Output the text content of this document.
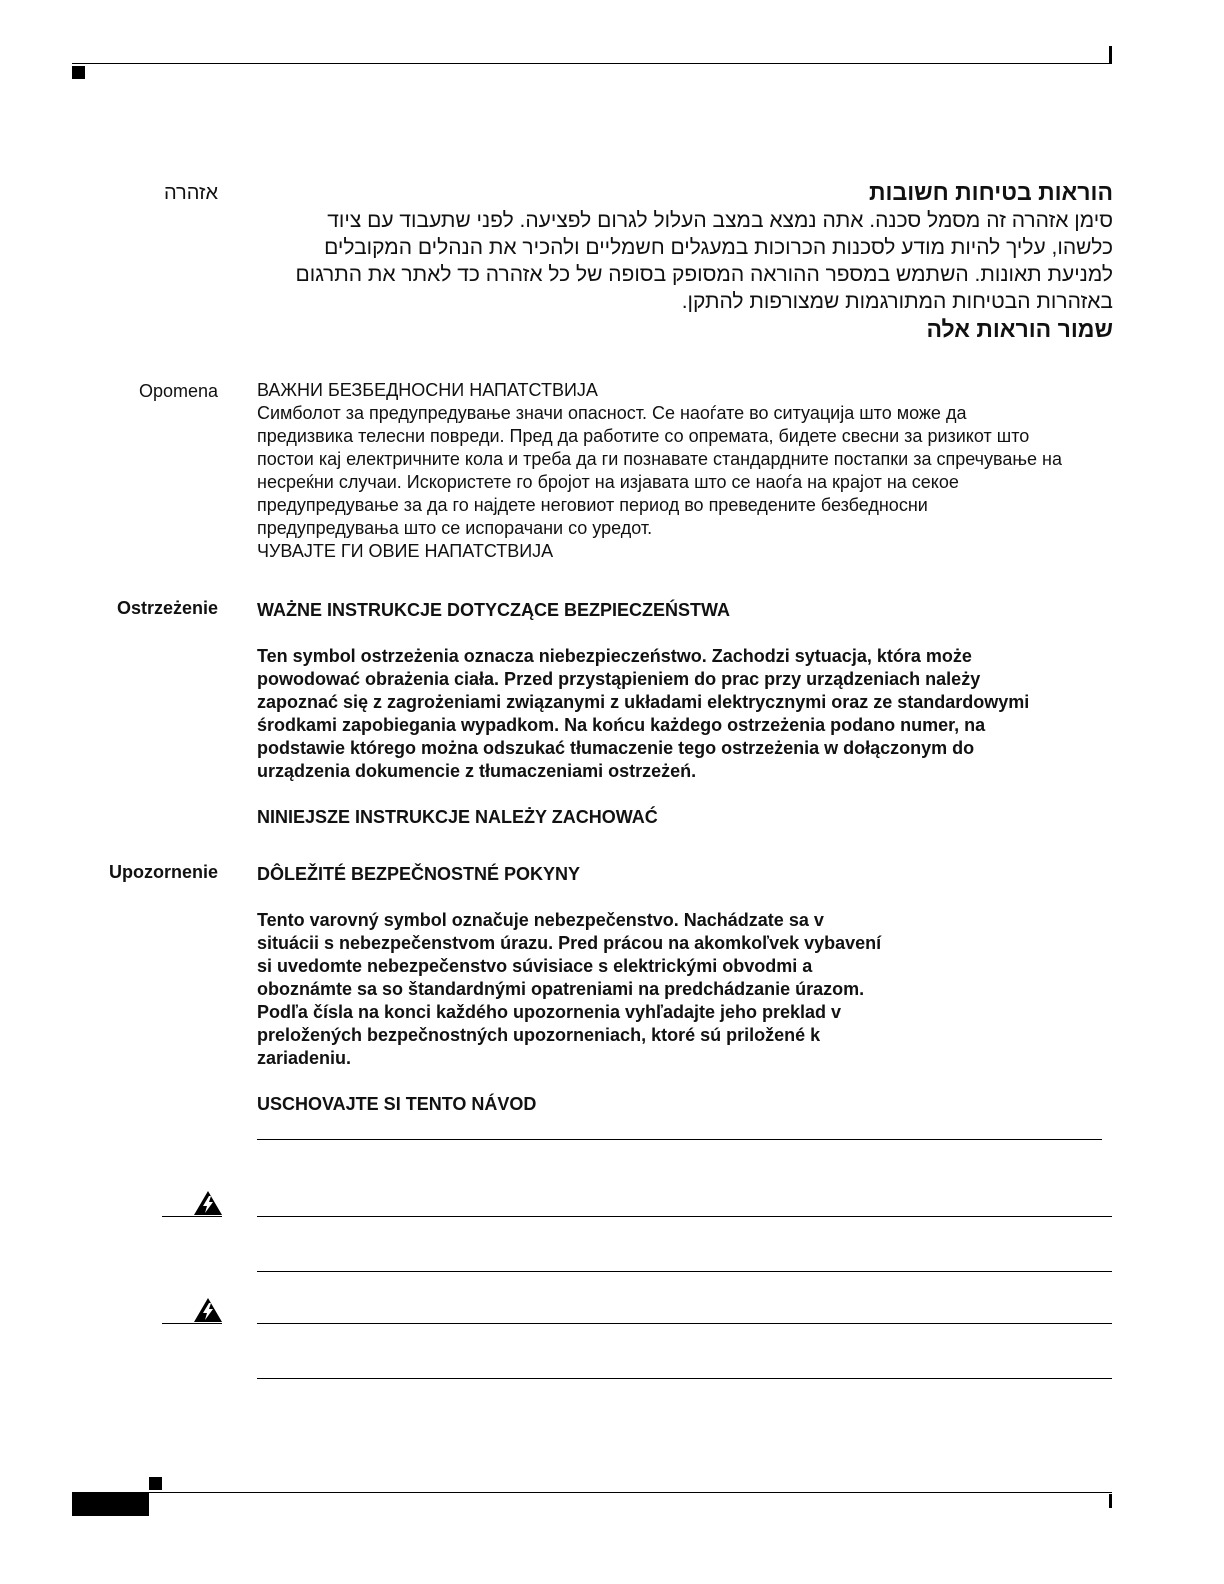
אזהרה	הוראות בטיחות חשובות

סימן אזהרה זה מסמל סכנה. אתה נמצא במצב העלול לגרום לפציעה. לפני שתעבוד עם ציוד

כלשהו, עליך להיות מודע לסכנות הכרוכות במעגלים חשמליים ולהכיר את הנהלים המקובלים

למניעת תאונות. השתמש במספר ההוראה המסופק בסופה של כל אזהרה כד לאתר את התרגום

באזהרות הבטיחות המתורגמות שמצורפות להתקן.

שמור הוראות אלה

Opomena ВАЖНИ БЕЗБЕДНОСНИ НАПАТСТВИЈА

Симболот за предупредување значи опасност. Се наоѓате во ситуација што може да

предизвика телесни повреди. Пред да работите со опремата, бидете свесни за ризикот што

постои кај електричните кола и треба да ги познавате стандардните постапки за спречување на

несреќни случаи. Искористете го бројот на изјавата што се наоѓа на крајот на секое

предупредување за да го најдете неговиот период во преведените безбедносни

предупредувања што се испорачани со уредот.

ЧУВАЈТЕ ГИ ОВИЕ НАПАТСТВИЈА

Ostrzeżenie WAŻNE INSTRUKCJE DOTYCZĄCE BEZPIECZEŃSTWA

Ten symbol ostrzeżenia oznacza niebezpieczeństwo. Zachodzi sytuacja, która może

powodować obrażenia ciała. Przed przystąpieniem do prac przy urządzeniach należy

zapoznać się z zagrożeniami związanymi z układami elektrycznymi oraz ze standardowymi

środkami zapobiegania wypadkom. Na końcu każdego ostrzeżenia podano numer, na

podstawie którego można odszukać tłumaczenie tego ostrzeżenia w dołączonym do

urządzenia dokumencie z tłumaczeniami ostrzeżeń.

NINIEJSZE INSTRUKCJE NALEŻY ZACHOWAĆ

Upozornenie DÔLEŽITÉ BEZPEČNOSTNÉ POKYNY

Tento varovný symbol označuje nebezpečenstvo. Nachádzate sa v

situácii s nebezpečenstvom úrazu. Pred prácou na akomkoľvek vybavení

si uvedomte nebezpečenstvo súvisiace s elektrickými obvodmi a

oboznámte sa so štandardnými opatreniami na predchádzanie úrazom.

Podľa čísla na konci každého upozornenia vyhľadajte jeho preklad v

preložených bezpečnostných upozorneniach, ktoré sú priložené k

zariadeniu.

USCHOVAJTE SI TENTO NÁVOD
